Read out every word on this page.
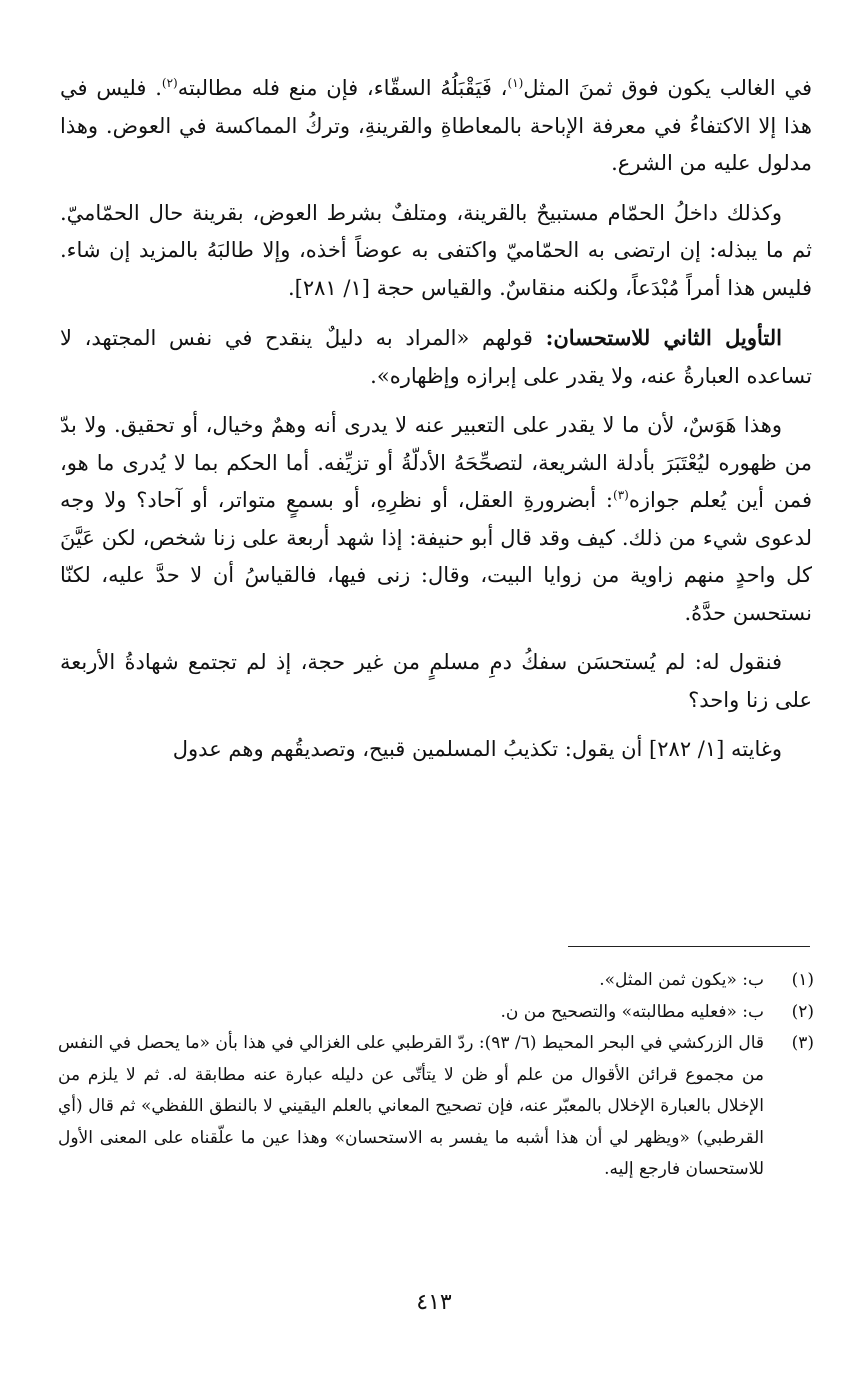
في الغالب يكون فوق ثمنَ المثل$^{(١)}$، فَيَقْبَلُهُ السقّاء، فإن منع فله مطالبته$^{(٢)}$. فليس في هذا إلا الاكتفاءُ في معرفة الإباحة بالمعاطاةِ والقرينةِ، وتركُ المماكسة في العوض. وهذا مدلول عليه من الشرع.

وكذلك داخلُ الحمّام مستبيحٌ بالقرينة، ومتلفٌ بشرط العوض، بقرينة حال الحمّاميّ. ثم ما يبذله: إن ارتضى به الحمّاميّ واكتفى به عوضاً أخذه، وإلا طالبَهُ بالمزيد إن شاء. فليس هذا أمراً مُبْدَعاً، ولكنه منقاسٌ. والقياس حجة [١/ ٢٨١].

التأويل الثاني للاستحسان: قولهم «المراد به دليلٌ ينقدح في نفس المجتهد، لا تساعده العبارةُ عنه، ولا يقدر على إبرازه وإظهاره».

وهذا هَوَسٌ، لأن ما لا يقدر على التعبير عنه لا يدرى أنه وهمٌ وخيال، أو تحقيق. ولا بدّ من ظهوره ليُعْتَبَرَ بأدلة الشريعة، لتصحِّحَهُ الأدلّةُ أو تزيِّفه. أما الحكم بما لا يُدرى ما هو، فمن أين يُعلم جوازه$^{(٣)}$: أبضرورةِ العقل، أو نظرِهِ، أو بسمعٍ متواتر، أو آحاد؟ ولا وجه لدعوى شيء من ذلك. كيف وقد قال أبو حنيفة: إذا شهد أربعة على زنا شخص، لكن عَيَّنَ كل واحدٍ منهم زاوية من زوايا البيت، وقال: زنى فيها، فالقياسُ أن لا حدَّ عليه، لكنّا نستحسن حدَّهُ.

فنقول له: لم يُستحسَن سفكُ دمِ مسلمٍ من غير حجة، إذ لم تجتمع شهادةُ الأربعة على زنا واحد؟

وغايته [١/ ٢٨٢] أن يقول: تكذيبُ المسلمين قبيح، وتصديقُهم وهم عدول

(١)
ب: «يكون ثمن المثل».
(٢)
ب: «فعليه مطالبته» والتصحيح من ن.
(٣)
قال الزركشي في البحر المحيط (٦/ ٩٣): ردّ القرطبي على الغزالي في هذا بأن «ما يحصل في النفس من مجموع قرائن الأقوال من علم أو ظن لا يتأتّى عن دليله عبارة عنه مطابقة له. ثم لا يلزم من الإخلال بالعبارة الإخلال بالمعبّر عنه، فإن تصحيح المعاني بالعلم اليقيني لا بالنطق اللفظي» ثم قال (أي القرطبي) «ويظهر لي أن هذا أشبه ما يفسر به الاستحسان» وهذا عين ما علّقناه على المعنى الأول للاستحسان فارجع إليه.
٤١٣
